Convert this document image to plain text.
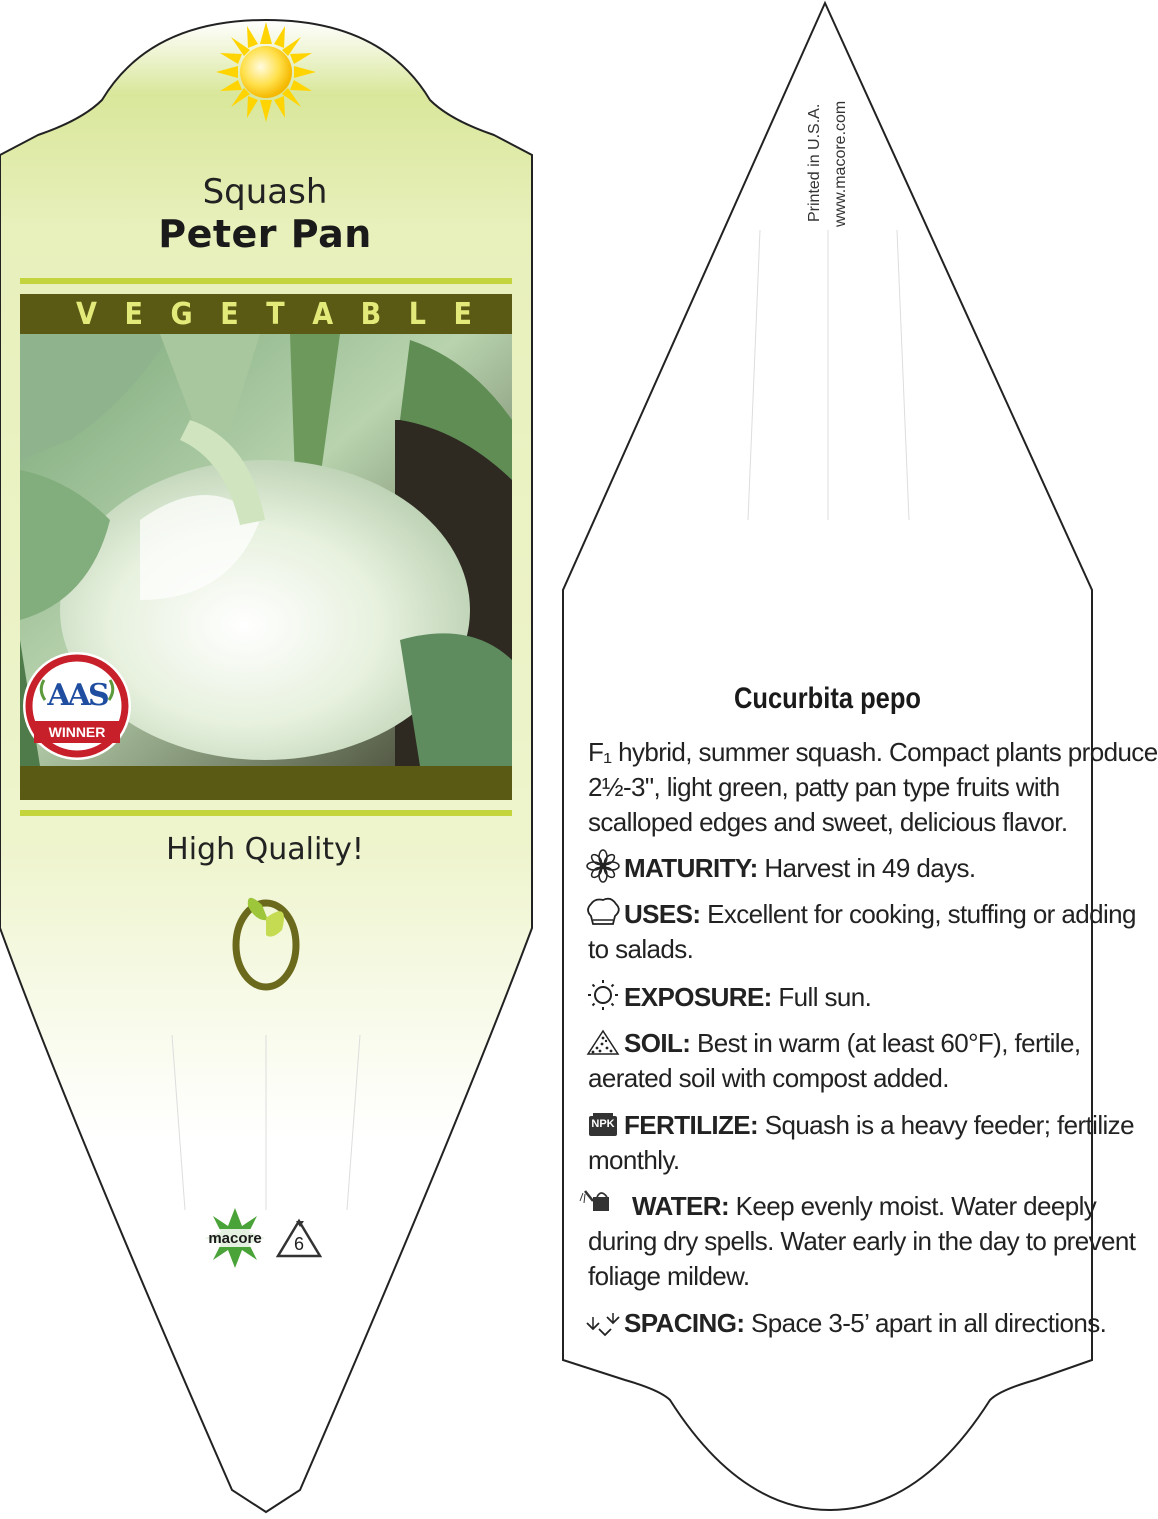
Squash
Peter Pan
V E G E T A B L E
AAS
WINNER
High Quality!
macore 6
Printed in U.S.A. www.macore.com
Cucurbita pepo
F₁ hybrid, summer squash. Compact plants produce
2½-3", light green, patty pan type fruits with
scalloped edges and sweet, delicious flavor.
MATURITY: Harvest in 49 days.
USES: Excellent for cooking, stuffing or adding
to salads.
EXPOSURE: Full sun.
SOIL: Best in warm (at least 60°F), fertile,
aerated soil with compost added.
FERTILIZE: Squash is a heavy feeder; fertilize
monthly.
WATER: Keep evenly moist. Water deeply
during dry spells. Water early in the day to prevent
foliage mildew.
SPACING: Space 3-5’ apart in all directions.
NPK
